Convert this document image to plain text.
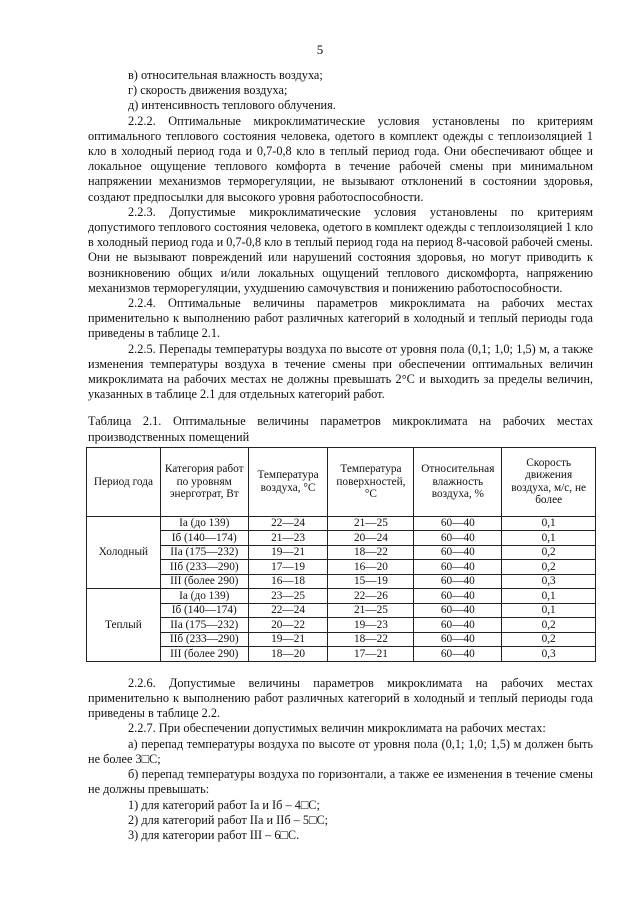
5

в) относительная влажность воздуха;

г) скорость движения воздуха;

д) интенсивность теплового облучения.

2.2.2. Оптимальные микроклиматические условия установлены по критериям оптимального теплового состояния человека, одетого в комплект одежды с теплоизоляцией 1 кло в холодный период года и 0,7-0,8 кло в теплый период года. Они обеспечивают общее и локальное ощущение теплового комфорта в течение рабочей смены при минимальном напряжении механизмов терморегуляции, не вызывают отклонений в состоянии здоровья, создают предпосылки для высокого уровня работоспособности.

2.2.3. Допустимые микроклиматические условия установлены по критериям допустимого теплового состояния человека, одетого в комплект одежды с теплоизоляцией 1 кло в холодный период года и 0,7-0,8 кло в теплый период года на период 8-часовой рабочей смены. Они не вызывают повреждений или нарушений состояния здоровья, но могут приводить к возникновению общих и/или локальных ощущений теплового дискомфорта, напряжению механизмов терморегуляции, ухудшению самочувствия и понижению работоспособности.

2.2.4. Оптимальные величины параметров микроклимата на рабочих местах применительно к выполнению работ различных категорий в холодный и теплый периоды года приведены в таблице 2.1.

2.2.5. Перепады температуры воздуха по высоте от уровня пола (0,1; 1,0; 1,5) м, а также изменения температуры воздуха в течение смены при обеспечении оптимальных величин микроклимата на рабочих местах не должны превышать 2°С и выходить за пределы величин, указанных в таблице 2.1 для отдельных категорий работ.

Таблица 2.1. Оптимальные величины параметров микроклимата на рабочих местах производственных помещений

Период года	Категория работ по уровням энерготрат, Вт	Температура воздуха, °С	Температура поверхностей, °С	Относительная влажность воздуха, %	Скорость движения воздуха, м/с, не более
Холодный	Iа (до 139)	22—24	21—25	60—40	0,1
	Iб (140—174)	21—23	20—24	60—40	0,1
	IIа (175—232)	19—21	18—22	60—40	0,2
	IIб (233—290)	17—19	16—20	60—40	0,2
	III (более 290)	16—18	15—19	60—40	0,3
Теплый	Iа (до 139)	23—25	22—26	60—40	0,1
	Iб (140—174)	22—24	21—25	60—40	0,1
	IIа (175—232)	20—22	19—23	60—40	0,2
	IIб (233—290)	19—21	18—22	60—40	0,2
	III (более 290)	18—20	17—21	60—40	0,3

2.2.6. Допустимые величины параметров микроклимата на рабочих местах применительно к выполнению работ различных категорий в холодный и теплый периоды года приведены в таблице 2.2.

2.2.7. При обеспечении допустимых величин микроклимата на рабочих местах:

а) перепад температуры воздуха по высоте от уровня пола (0,1; 1,0; 1,5) м должен быть не более 3□С;

б) перепад температуры воздуха по горизонтали, а также ее изменения в течение смены не должны превышать:

1) для категорий работ Iа и Iб – 4□С;

2) для категорий работ IIа и IIб – 5□С;

3) для категории работ III – 6□С.
